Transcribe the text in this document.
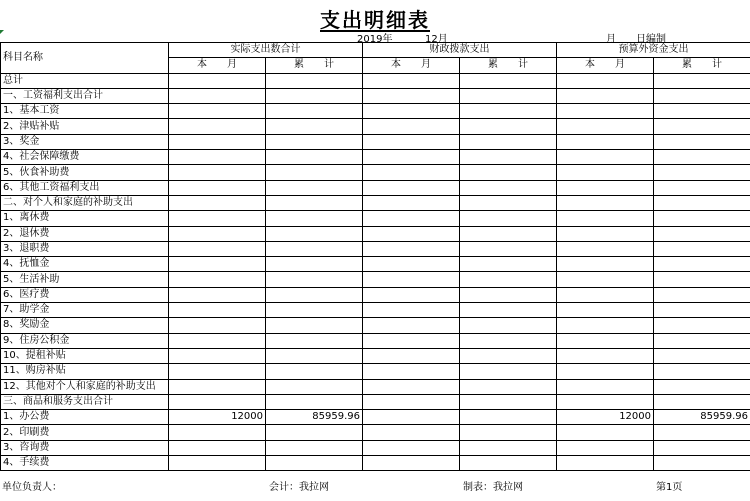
支出明细表
2019年	12月	月 日编制
科目名称	实际支出数合计		财政拨款支出		预算外资金支出	
	本　　月	累　　计	本　　月	累　　计	本　　月	累　　计
总计						
一、工资福利支出合计						
1、基本工资						
2、津贴补贴						
3、奖金						
4、社会保障缴费						
5、伙食补助费						
6、其他工资福利支出						
二、对个人和家庭的补助支出						
1、离休费						
2、退休费						
3、退职费						
4、抚恤金						
5、生活补助						
6、医疗费						
7、助学金						
8、奖励金						
9、住房公积金						
10、提租补贴						
11、购房补贴						
12、其他对个人和家庭的补助支出						
三、商品和服务支出合计						
1、办公费	12000	85959.96			12000	85959.96
2、印刷费						
3、咨询费						
4、手续费						
单位负责人：	会计：我拉网	制表：我拉网	第1页
